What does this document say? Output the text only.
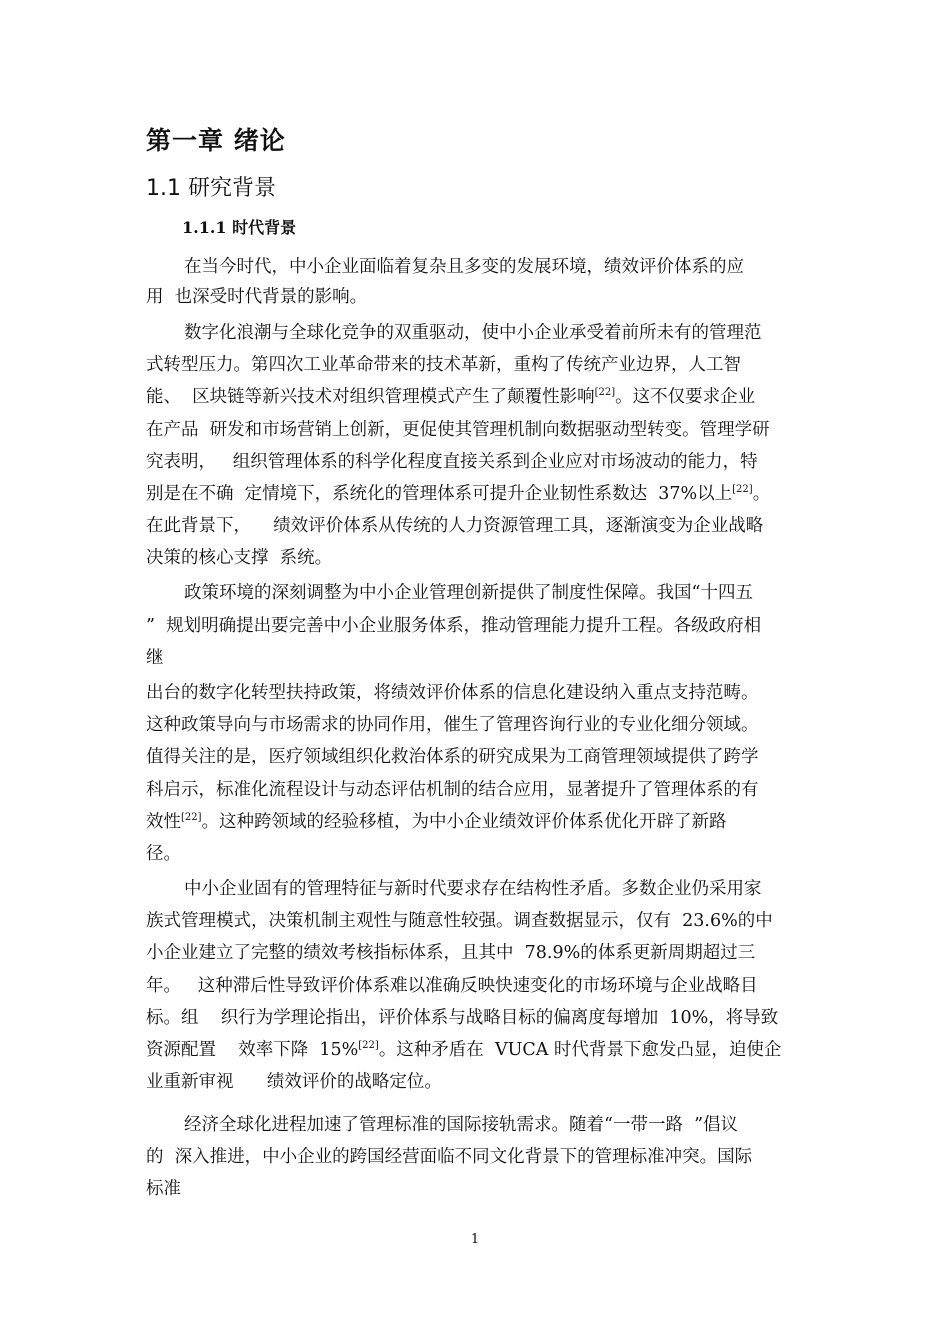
第一章 绪论
1.1 研究背景
1.1.1 时代背景
在当今时代，中小企业面临着复杂且多变的发展环境，绩效评价体系的应
用  也深受时代背景的影响。
数字化浪潮与全球化竞争的双重驱动，使中小企业承受着前所未有的管理范
式转型压力。第四次工业革命带来的技术革新，重构了传统产业边界，人工智
能、  区块链等新兴技术对组织管理模式产生了颠覆性影响[22]。这不仅要求企业
在产品  研发和市场营销上创新，更促使其管理机制向数据驱动型转变。管理学研
究表明，   组织管理体系的科学化程度直接关系到企业应对市场波动的能力，特
别是在不确  定情境下，系统化的管理体系可提升企业韧性系数达  37%以上[22]。
在此背景下，    绩效评价体系从传统的人力资源管理工具，逐渐演变为企业战略
决策的核心支撑  系统。
政策环境的深刻调整为中小企业管理创新提供了制度性保障。我国“十四五
”  规划明确提出要完善中小企业服务体系，推动管理能力提升工程。各级政府相
继
出台的数字化转型扶持政策，将绩效评价体系的信息化建设纳入重点支持范畴。
这种政策导向与市场需求的协同作用，催生了管理咨询行业的专业化细分领域。
值得关注的是，医疗领域组织化救治体系的研究成果为工商管理领域提供了跨学
科启示，标准化流程设计与动态评估机制的结合应用，显著提升了管理体系的有
效性[22]。这种跨领域的经验移植，为中小企业绩效评价体系优化开辟了新路
径。
中小企业固有的管理特征与新时代要求存在结构性矛盾。多数企业仍采用家
族式管理模式，决策机制主观性与随意性较强。调查数据显示，仅有  23.6%的中
小企业建立了完整的绩效考核指标体系，且其中  78.9%的体系更新周期超过三
年。   这种滞后性导致评价体系难以准确反映快速变化的市场环境与企业战略目
标。组    织行为学理论指出，评价体系与战略目标的偏离度每增加  10%，将导致
资源配置    效率下降  15%[22]。这种矛盾在  VUCA 时代背景下愈发凸显，迫使企
业重新审视      绩效评价的战略定位。
经济全球化进程加速了管理标准的国际接轨需求。随着“一带一路  ”倡议
的  深入推进，中小企业的跨国经营面临不同文化背景下的管理标准冲突。国际
标准
1
